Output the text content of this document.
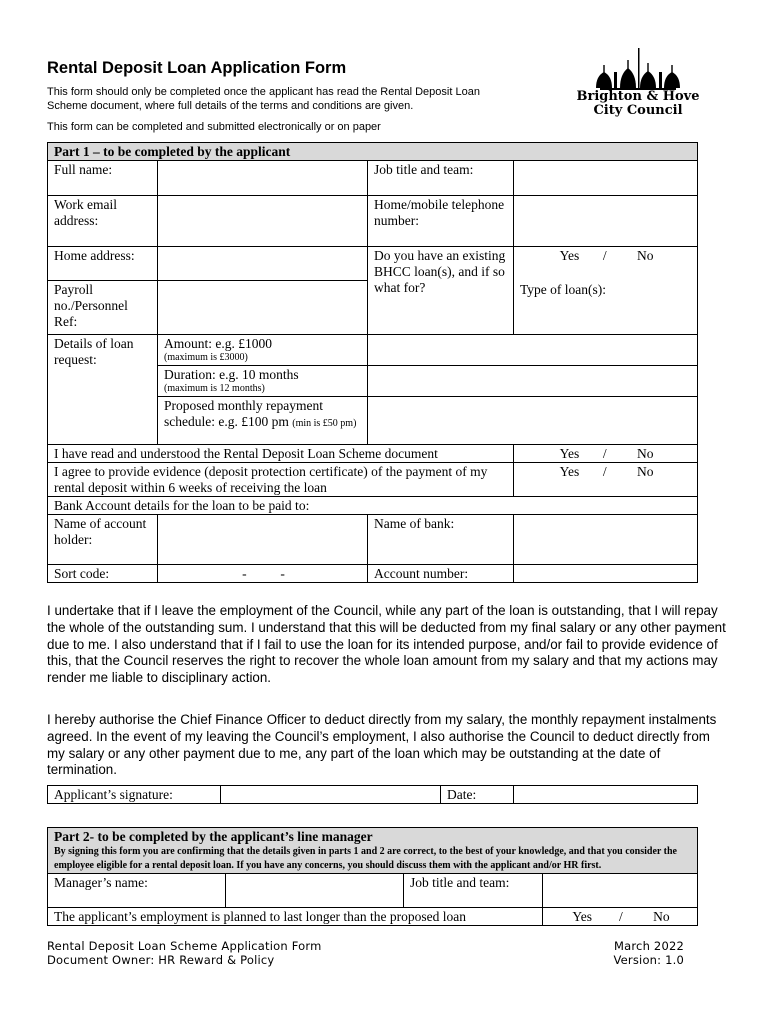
Rental Deposit Loan Application Form
This form should only be completed once the applicant has read the Rental Deposit Loan
Scheme document, where full details of the terms and conditions are given.
This form can be completed and submitted electronically or on paper
Brighton & Hove
City Council
Part 1 – to be completed by the applicant			
Full name:		Job title and team:	
Work email address:		Home/mobile telephone number:	
Home address:		Do you have an existing BHCC loan(s), and if so what for?	Yes       /         No
Type of loan(s):

Payroll no./Personnel Ref:			
Details of loan request:	Amount: e.g. £1000
(maximum is £3000)		

	Duration: e.g. 10 months
(maximum is 12 months)		

	Proposed monthly repayment schedule: e.g. £100 pm (min is £50 pm)		
I have read and understood the Rental Deposit Loan Scheme document			Yes       /         No
I agree to provide evidence (deposit protection certificate) of the payment of my rental deposit within 6 weeks of receiving the loan			Yes       /         No
Bank Account details for the loan to be paid to:			
Name of account holder:		Name of bank:	
Sort code:	-          -	Account number:	
I undertake that if I leave the employment of the Council, while any part of the loan is outstanding, that I will repay the whole of the outstanding sum. I understand that this will be deducted from my final salary or any other payment due to me. I also understand that if I fail to use the loan for its intended purpose, and/or fail to provide evidence of this, that the Council reserves the right to recover the whole loan amount from my salary and that my actions may render me liable to disciplinary action.
I hereby authorise the Chief Finance Officer to deduct directly from my salary, the monthly repayment instalments agreed. In the event of my leaving the Council’s employment, I also authorise the Council to deduct directly from my salary or any other payment due to me, any part of the loan which may be outstanding at the date of termination.
Applicant’s signature:		Date:	
Part 2- to be completed by the applicant’s line manager
By signing this form you are confirming that the details given in parts 1 and 2 are correct, to the best of your knowledge, and that you consider the employee eligible for a rental deposit loan. If you have any concerns, you should discuss them with the applicant and/or HR first.			

Manager’s name:		Job title and team:	
The applicant’s employment is planned to last longer than the proposed loan			Yes        /         No
Rental Deposit Loan Scheme Application Form
Document Owner: HR Reward & Policy
March 2022
Version: 1.0
